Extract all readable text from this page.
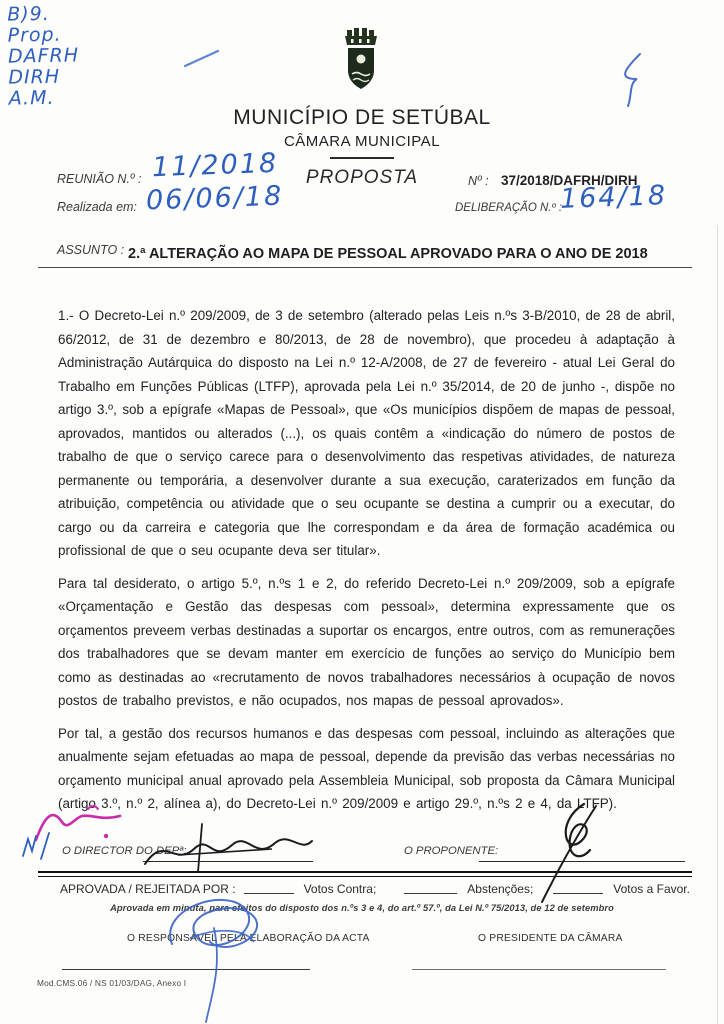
B)9.
Prop.
DAFRH
DIRH
A.M.
MUNICÍPIO DE SETÚBAL
CÂMARA MUNICIPAL
REUNIÃO N.º : 11/2018
Realizada em: 06/06/18
PROPOSTA	Nº : 37/2018/DAFRH/DIRH
DELIBERAÇÃO N.º :
164/18
ASSUNTO : 2.ª ALTERAÇÃO AO MAPA DE PESSOAL APROVADO PARA O ANO DE 2018

1.- O Decreto-Lei n.º 209/2009, de 3 de setembro (alterado pelas Leis n.ºs 3-B/2010, de 28 de abril, 66/2012, de 31 de dezembro e 80/2013, de 28 de novembro), que procedeu à adaptação à Administração Autárquica do disposto na Lei n.º 12-A/2008, de 27 de fevereiro - atual Lei Geral do Trabalho em Funções Públicas (LTFP), aprovada pela Lei n.º 35/2014, de 20 de junho -, dispõe no artigo 3.º, sob a epígrafe «Mapas de Pessoal», que «Os municípios dispõem de mapas de pessoal, aprovados, mantidos ou alterados (...), os quais contêm a «indicação do número de postos de trabalho de que o serviço carece para o desenvolvimento das respetivas atividades, de natureza permanente ou temporária, a desenvolver durante a sua execução, caraterizados em função da atribuição, competência ou atividade que o seu ocupante se destina a cumprir ou a executar, do cargo ou da carreira e categoria que lhe correspondam e da área de formação académica ou profissional de que o seu ocupante deva ser titular».

Para tal desiderato, o artigo 5.º, n.ºs 1 e 2, do referido Decreto-Lei n.º 209/2009, sob a epígrafe «Orçamentação e Gestão das despesas com pessoal», determina expressamente que os orçamentos preveem verbas destinadas a suportar os encargos, entre outros, com as remunerações dos trabalhadores que se devam manter em exercício de funções ao serviço do Município bem como as destinadas ao «recrutamento de novos trabalhadores necessários à ocupação de novos postos de trabalho previstos, e não ocupados, nos mapas de pessoal aprovados».

Por tal, a gestão dos recursos humanos e das despesas com pessoal, incluindo as alterações que anualmente sejam efetuadas ao mapa de pessoal, depende da previsão das verbas necessárias no orçamento municipal anual aprovado pela Assembleia Municipal, sob proposta da Câmara Municipal (artigo 3.º, n.º 2, alínea a), do Decreto-Lei n.º 209/2009 e artigo 29.º, n.ºs 2 e 4, da LTFP).

O DIRECTOR DO DEPª:	O PROPONENTE:
APROVADA / REJEITADA POR :	Votos Contra;	Abstenções;	Votos a Favor.
Aprovada em minuta, para efeitos do disposto dos n.ºs 3 e 4, do art.º 57.º, da Lei N.º 75/2013, de 12 de setembro
O RESPONSÁVEL PELA ELABORAÇÃO DA ACTA	O PRESIDENTE DA CÂMARA
Mod.CMS.06 / NS 01/03/DAG, Anexo I
